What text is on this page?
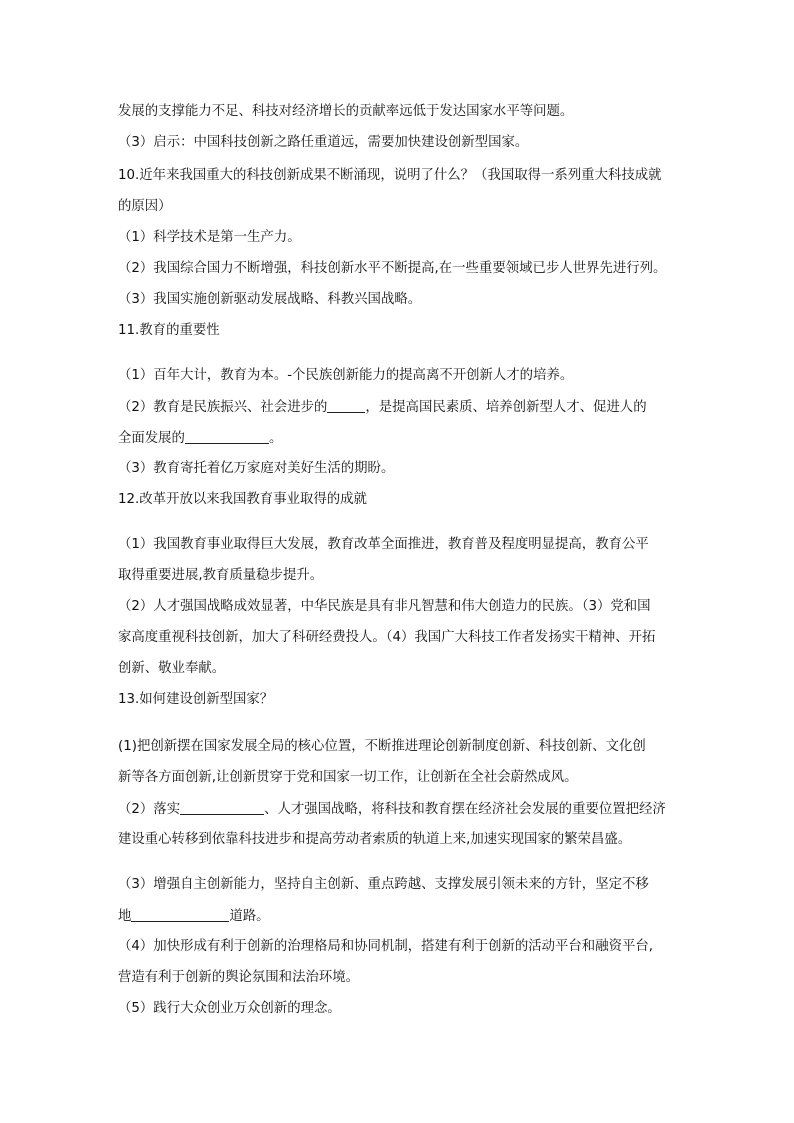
发展的支撑能力不足、科技对经济增长的贡献率远低于发达国家水平等问题。
（3）启示：中国科技创新之路任重道远，需要加快建设创新型国家。
10.近年来我国重大的科技创新成果不断涌现，说明了什么？（我国取得一系列重大科技成就
的原因）
（1）科学技术是第一生产力。
（2）我国综合国力不断增强，科技创新水平不断提高,在一些重要领域已步人世界先进行列。
（3）我国实施创新驱动发展战略、科教兴国战略。
11.教育的重要性
（1）百年大计，教育为本。-个民族创新能力的提高离不开创新人才的培养。
（2）教育是民族振兴、社会进步的	，是提高国民素质、培养创新型人才、促进人的
全面发展的	。
（3）教育寄托着亿万家庭对美好生活的期盼。
12.改革开放以来我国教育事业取得的成就
（1）我国教育事业取得巨大发展，教育改革全面推进，教育普及程度明显提高，教育公平
取得重要进展,教育质量稳步提升。
（2）人才强国战略成效显著，中华民族是具有非凡智慧和伟大创造力的民族。（3）党和国
家高度重视科技创新，加大了科研经费投人。（4）我国广大科技工作者发扬实干精神、开拓
创新、敬业奉献。
13.如何建设创新型国家？
(1)把创新摆在国家发展全局的核心位置，不断推进理论创新制度创新、科技创新、文化创
新等各方面创新,让创新贯穿于党和国家一切工作，让创新在全社会蔚然成风。
（2）落实	、人才强国战略，将科技和教育摆在经济社会发展的重要位置把经济
建设重心转移到依靠科技进步和提高劳动者索质的轨道上来,加速实现国家的繁荣昌盛。
（3）增强自主创新能力，坚持自主创新、重点跨越、支撑发展引领未来的方针，坚定不移
地	道路。
（4）加快形成有利于创新的治理格局和协同机制，搭建有利于创新的活动平台和融资平台,
营造有利于创新的舆论氛围和法治环境。
（5）践行大众创业万众创新的理念。
